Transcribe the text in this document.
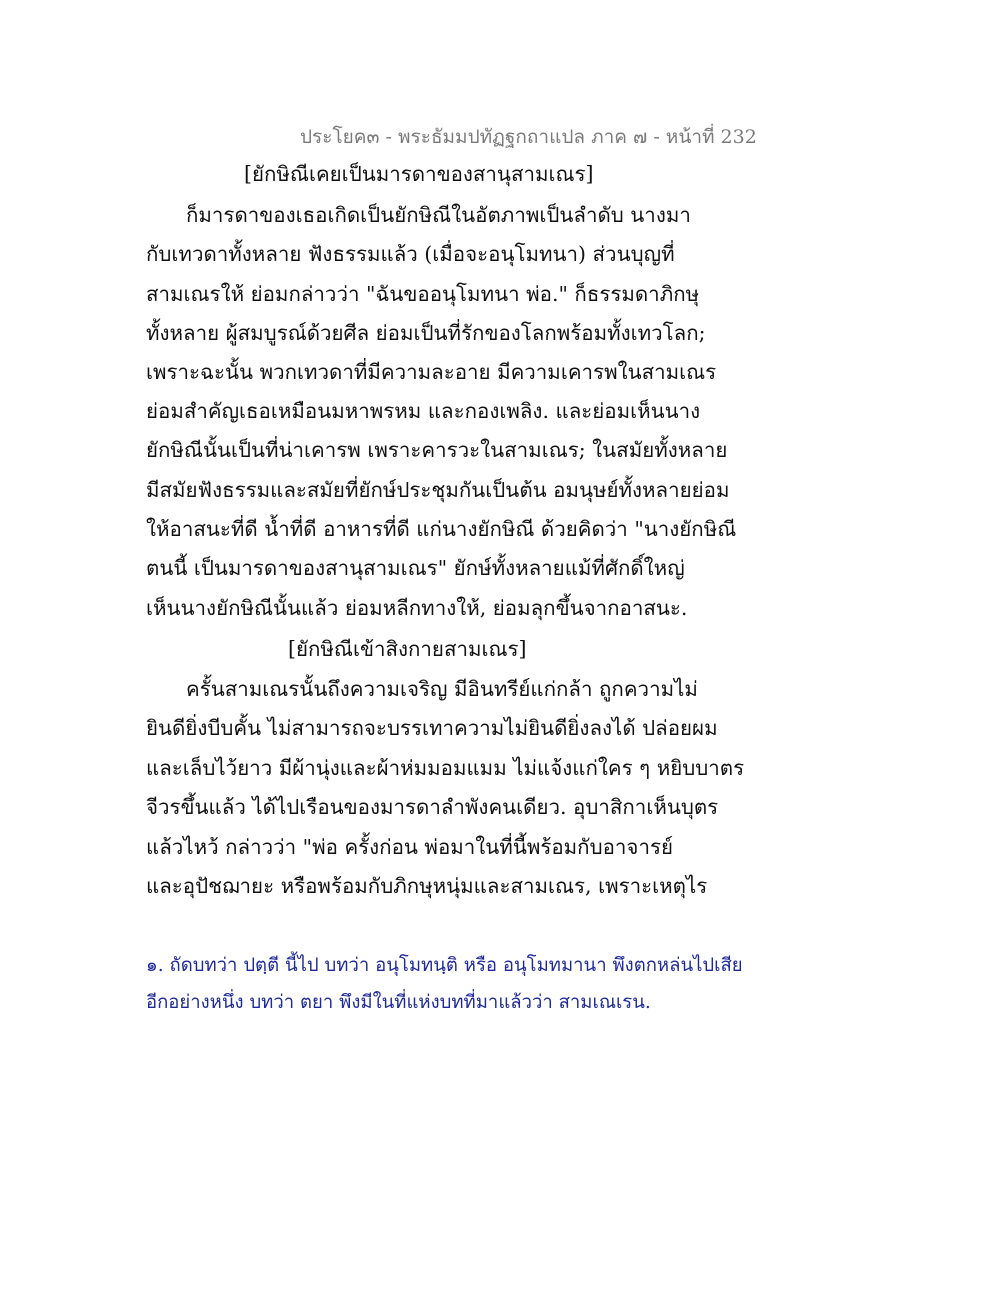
ประโยค๓ - พระธัมมปทัฏฐกถาแปล ภาค ๗ - หน้าที่ 232
[ยักษิณีเคยเป็นมารดาของสานุสามเณร]
ก็มารดาของเธอเกิดเป็นยักษิณีในอัตภาพเป็นลำดับ นางมา
กับเทวดาทั้งหลาย ฟังธรรมแล้ว (เมื่อจะอนุโมทนา) ส่วนบุญที่
สามเณรให้ ย่อมกล่าวว่า "ฉันขออนุโมทนา พ่อ." ก็ธรรมดาภิกษุ
ทั้งหลาย ผู้สมบูรณ์ด้วยศีล ย่อมเป็นที่รักของโลกพร้อมทั้งเทวโลก;
เพราะฉะนั้น พวกเทวดาที่มีความละอาย มีความเคารพในสามเณร
ย่อมสำคัญเธอเหมือนมหาพรหม และกองเพลิง. และย่อมเห็นนาง
ยักษิณีนั้นเป็นที่น่าเคารพ เพราะคารวะในสามเณร; ในสมัยทั้งหลาย
มีสมัยฟังธรรมและสมัยที่ยักษ์ประชุมกันเป็นต้น อมนุษย์ทั้งหลายย่อม
ให้อาสนะที่ดี น้ำที่ดี อาหารที่ดี แก่นางยักษิณี ด้วยคิดว่า "นางยักษิณี
ตนนี้ เป็นมารดาของสานุสามเณร" ยักษ์ทั้งหลายแม้ที่ศักดิ์ใหญ่
เห็นนางยักษิณีนั้นแล้ว ย่อมหลีกทางให้, ย่อมลุกขึ้นจากอาสนะ.
[ยักษิณีเข้าสิงกายสามเณร]
ครั้นสามเณรนั้นถึงความเจริญ มีอินทรีย์แก่กล้า ถูกความไม่
ยินดียิ่งบีบคั้น ไม่สามารถจะบรรเทาความไม่ยินดียิ่งลงได้ ปล่อยผม
และเล็บไว้ยาว มีผ้านุ่งและผ้าห่มมอมแมม ไม่แจ้งแก่ใคร ๆ หยิบบาตร
จีวรขึ้นแล้ว ได้ไปเรือนของมารดาลำพังคนเดียว. อุบาสิกาเห็นบุตร
แล้วไหว้ กล่าวว่า "พ่อ ครั้งก่อน พ่อมาในที่นี้พร้อมกับอาจารย์
และอุปัชฌายะ หรือพร้อมกับภิกษุหนุ่มและสามเณร, เพราะเหตุไร
๑. ถัดบทว่า ปตฺตี นี้ไป บทว่า อนุโมทนฺติ หรือ อนุโมทมานา พึงตกหล่นไปเสีย
อีกอย่างหนึ่ง บทว่า ตยา พึงมีในที่แห่งบทที่มาแล้วว่า สามเณเรน.
